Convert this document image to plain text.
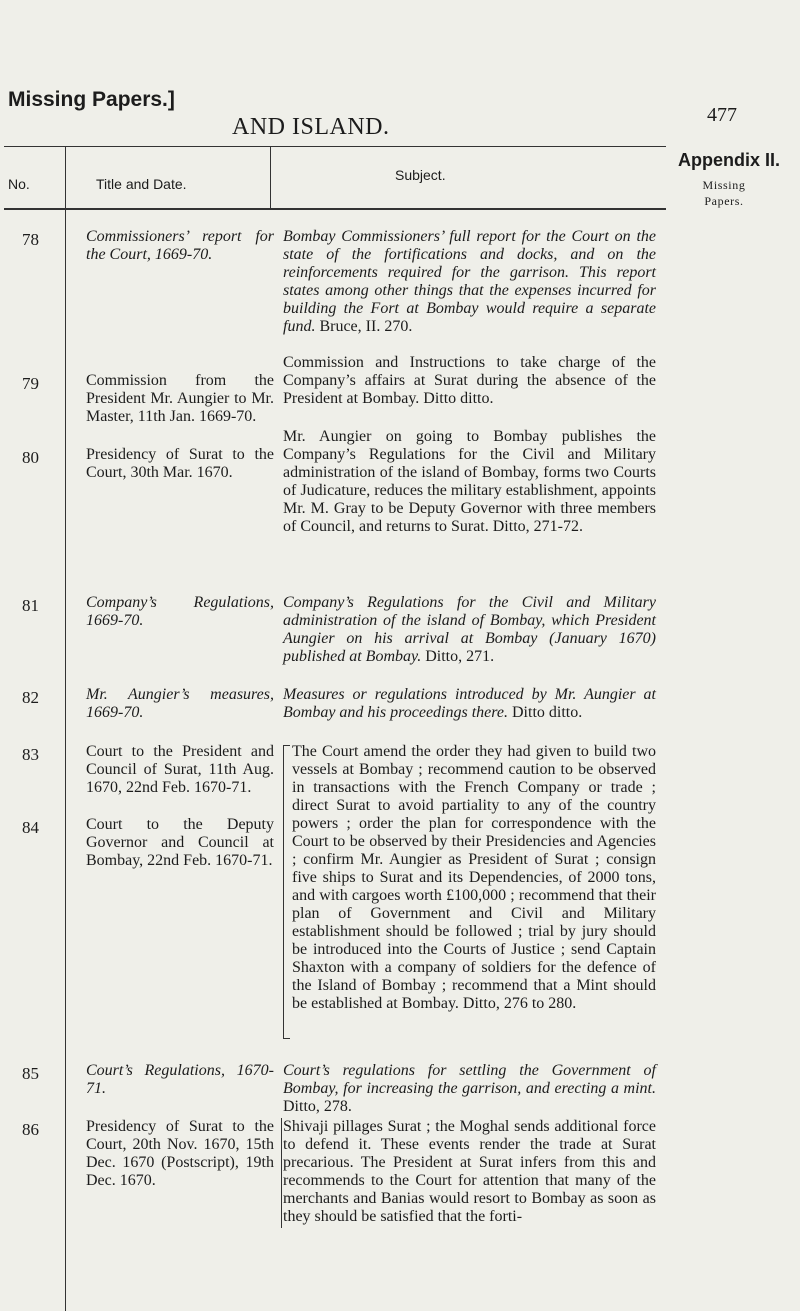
Missing Papers.]
AND ISLAND.	477
Appendix II.
Missing
Papers.
No.	Title and Date.
Subject.
78	Commissioners’ report for the Court, 1669-70.
Bombay Commissioners’ full report for the Court on the state of the fortifications and docks, and on the reinforcements required for the garrison. This report states among other things that the expenses incurred for building the Fort at Bombay would require a separate fund. Bruce, II. 270.
79	Commission from the President Mr. Aungier to Mr. Master, 11th Jan. 1669-70.
Commission and Instructions to take charge of the Company’s affairs at Surat during the absence of the President at Bombay. Ditto ditto.
80	Presidency of Surat to the Court, 30th Mar. 1670.
Mr. Aungier on going to Bombay publishes the Company’s Regulations for the Civil and Military administration of the island of Bombay, forms two Courts of Judicature, reduces the military establishment, appoints Mr. M. Gray to be Deputy Governor with three members of Council, and returns to Surat. Ditto, 271-72.
81	Company’s Regulations, 1669-70.
Company’s Regulations for the Civil and Military administration of the island of Bombay, which President Aungier on his arrival at Bombay (January 1670) published at Bombay. Ditto, 271.
82	Mr. Aungier’s measures, 1669-70.
Measures or regulations introduced by Mr. Aungier at Bombay and his proceedings there. Ditto ditto.
83	Court to the President and Council of Surat, 11th Aug. 1670, 22nd Feb. 1670-71.
84	Court to the Deputy Governor and Council at Bombay, 22nd Feb. 1670-71.
The Court amend the order they had given to build two vessels at Bombay ; recommend caution to be observed in transactions with the French Company or trade ; direct Surat to avoid partiality to any of the country powers ; order the plan for correspondence with the Court to be observed by their Presidencies and Agencies ; confirm Mr. Aungier as President of Surat ; consign five ships to Surat and its Dependencies, of 2000 tons, and with cargoes worth £100,000 ; recommend that their plan of Government and Civil and Military establishment should be followed ; trial by jury should be introduced into the Courts of Justice ; send Captain Shaxton with a company of soldiers for the defence of the Island of Bombay ; recommend that a Mint should be established at Bombay. Ditto, 276 to 280.
85	Court’s Regulations, 1670-71.
Court’s regulations for settling the Government of Bombay, for increasing the garrison, and erecting a mint. Ditto, 278.
86	Presidency of Surat to the Court, 20th Nov. 1670, 15th Dec. 1670 (Postscript), 19th Dec. 1670.
Shivaji pillages Surat ; the Moghal sends additional force to defend it. These events render the trade at Surat precarious. The President at Surat infers from this and recommends to the Court for attention that many of the merchants and Banias would resort to Bombay as soon as they should be satisfied that the forti-
